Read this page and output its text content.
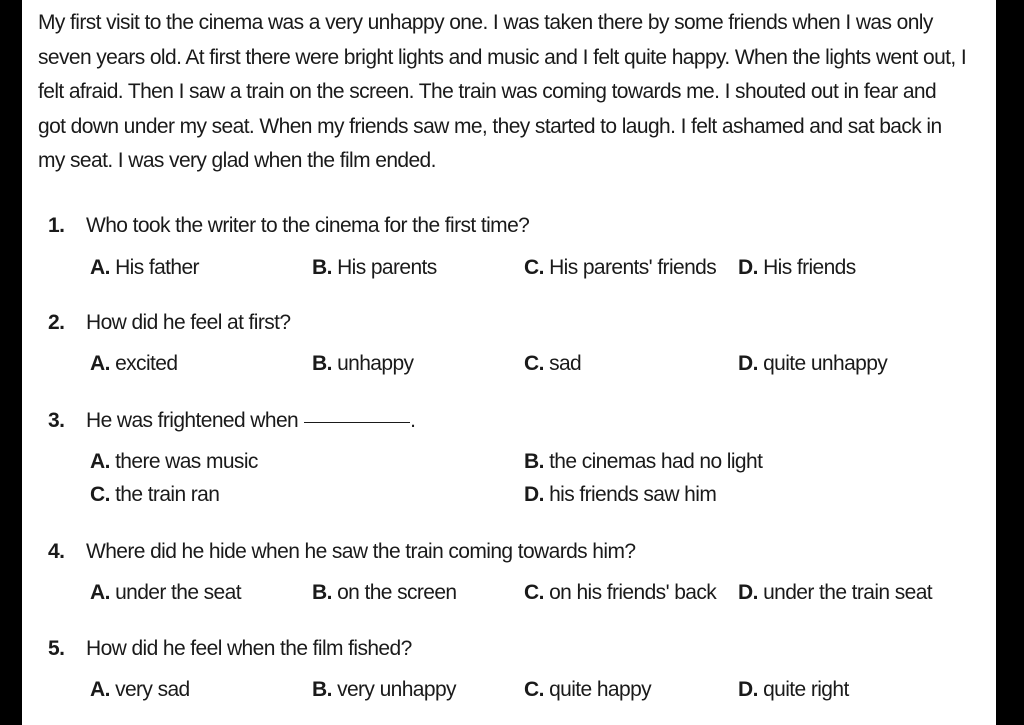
My first visit to the cinema was a very unhappy one. I was taken there by some friends when I was only seven years old. At first there were bright lights and music and I felt quite happy. When the lights went out, I felt afraid. Then I saw a train on the screen. The train was coming towards me. I shouted out in fear and got down under my seat. When my friends saw me, they started to laugh. I felt ashamed and sat back in my seat. I was very glad when the film ended.

1. Who took the writer to the cinema for the first time?
A. His father	B. His parents	C. His parents' friends D. His friends
2. How did he feel at first?
A. excited	B. unhappy	C. sad	D. quite unhappy
3. He was frightened when	.
A. there was music	B. the cinemas had no light
C. the train ran	D. his friends saw him
4. Where did he hide when he saw the train coming towards him?
A. under the seat	B. on the screen	C. on his friends' back D. under the train seat
5. How did he feel when the film fished?
A. very sad	B. very unhappy	C. quite happy	D. quite right
